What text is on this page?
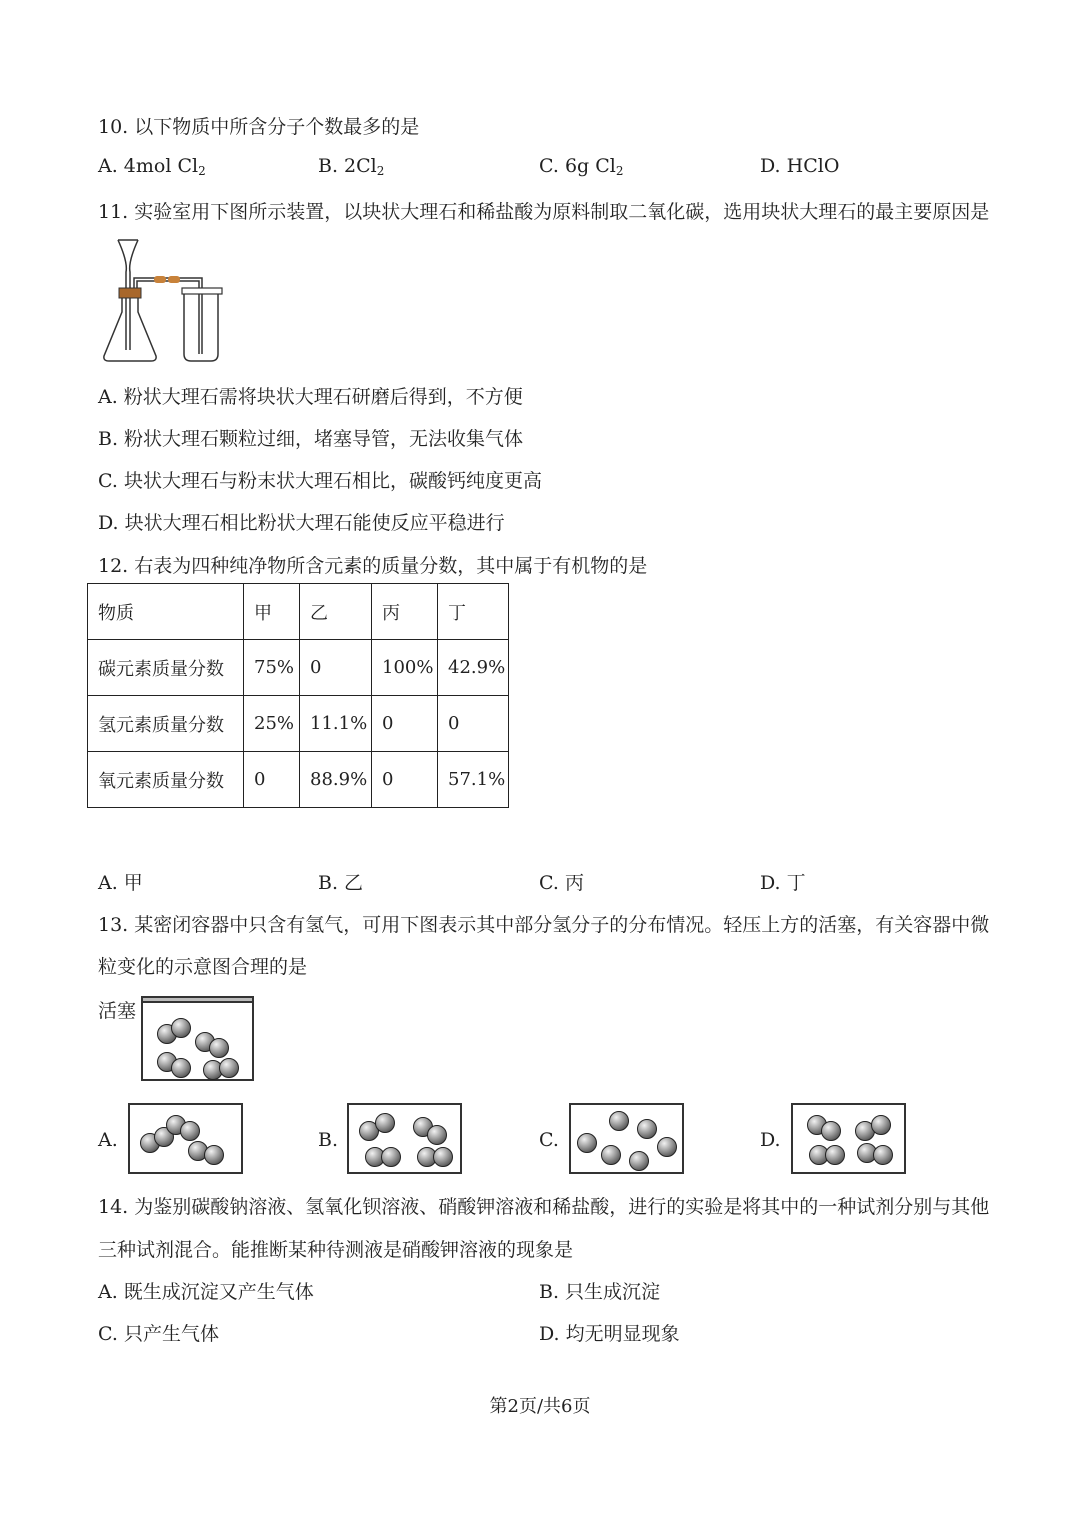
10. 以下物质中所含分子个数最多的是
A. 4mol $Cl_2$	B. $2Cl_2$	C. 6g $Cl_2$	D. HClO
11. 实验室用下图所示装置，以块状大理石和稀盐酸为原料制取二氧化碳，选用块状大理石的最主要原因是
A. 粉状大理石需将块状大理石研磨后得到，不方便
B. 粉状大理石颗粒过细，堵塞导管，无法收集气体
C. 块状大理石与粉末状大理石相比，碳酸钙纯度更高
D. 块状大理石相比粉状大理石能使反应平稳进行
12. 右表为四种纯净物所含元素的质量分数，其中属于有机物的是
物质	甲	乙	丙	丁
碳元素质量分数	75%	0	100%	42.9%
氢元素质量分数	25%	11.1%	0	0
氧元素质量分数	0	88.9%	0	57.1%
A. 甲	B. 乙	C. 丙	D. 丁
13. 某密闭容器中只含有氢气，可用下图表示其中部分氢分子的分布情况。轻压上方的活塞，有关容器中微
粒变化的示意图合理的是
活塞
A.	B.	C.	D.
14. 为鉴别碳酸钠溶液、氢氧化钡溶液、硝酸钾溶液和稀盐酸，进行的实验是将其中的一种试剂分别与其他
三种试剂混合。能推断某种待测液是硝酸钾溶液的现象是
A. 既生成沉淀又产生气体	B. 只生成沉淀
C. 只产生气体	D. 均无明显现象
第2页/共6页
